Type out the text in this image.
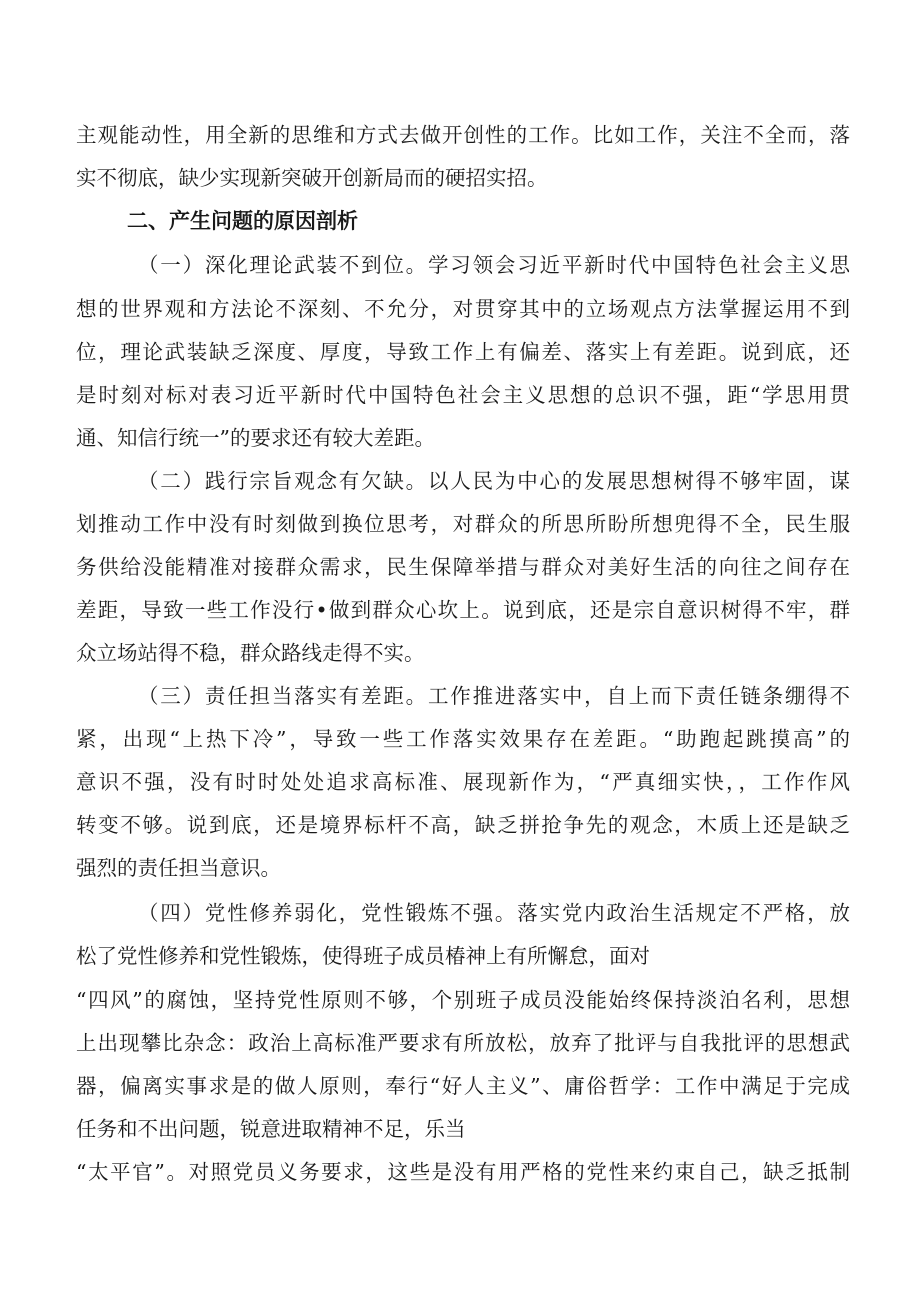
主观能动性，用全新的思维和方式去做开创性的工作。比如工作，关注不全而，落
实不彻底，缺少实现新突破开创新局而的硬招实招。
二、产生问题的原因剖析
（一）深化理论武装不到位。学习领会习近平新时代中国特色社会主义思
想的世界观和方法论不深刻、不允分，对贯穿其中的立场观点方法掌握运用不到
位，理论武装缺乏深度、厚度，导致工作上有偏差、落实上有差距。说到底，还
是时刻对标对表习近平新时代中国特色社会主义思想的总识不强，距“学思用贯
通、知信行统一”的要求还有较大差距。
（二）践行宗旨观念有欠缺。以人民为中心的发展思想树得不够牢固，谋
划推动工作中没有时刻做到换位思考，对群众的所思所盼所想兜得不全，民生服
务供给没能精准对接群众需求，民生保障举措与群众对美好生活的向往之间存在
差距，导致一些工作没行•做到群众心坎上。说到底，还是宗自意识树得不牢，群
众立场站得不稳，群众路线走得不实。
（三）责任担当落实有差距。工作推进落实中，自上而下责任链条绷得不
紧，出现“上热下冷”，导致一些工作落实效果存在差距。“助跑起跳摸高”的
意识不强，没有时时处处追求高标准、展现新作为，“严真细实快，，工作作风
转变不够。说到底，还是境界标杆不高，缺乏拼抢争先的观念，木质上还是缺乏
强烈的责任担当意识。
（四）党性修养弱化，党性锻炼不强。落实党内政治生活规定不严格，放
松了党性修养和党性锻炼，使得班子成员椿神上有所懈怠，面对
“四风”的腐蚀，坚持党性原则不够，个别班子成员没能始终保持淡泊名利，思想
上出现攀比杂念：政治上高标准严要求有所放松，放弃了批评与自我批评的思想武
器，偏离实事求是的做人原则，奉行“好人主义”、庸俗哲学：工作中满足于完成
任务和不出问题，锐意进取精神不足，乐当
“太平官”。对照党员义务要求，这些是没有用严格的党性来约束自己，缺乏抵制
